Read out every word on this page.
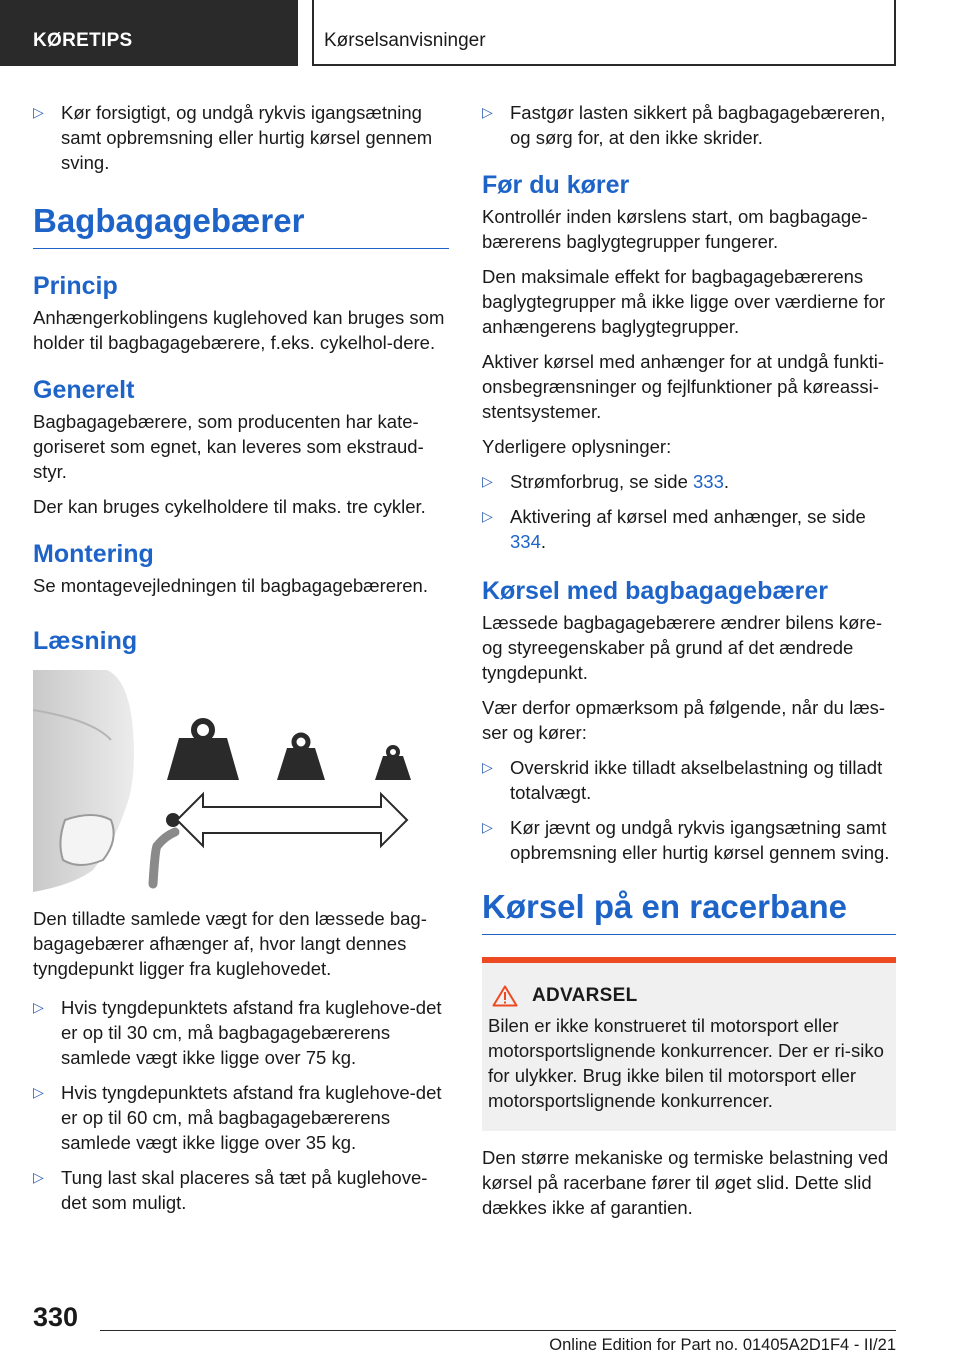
KØRETIPS	Kørselsanvisninger
▷ Kør forsigtigt, og undgå rykvis igangsætning samt opbremsning eller hurtig kørsel gennem sving.
Bagbagagebærer
Princip

Anhængerkoblingens kuglehoved kan bruges som holder til bagbagagebærere, f.eks. cykelhol-dere.

Generelt

Bagbagagebærere, som producenten har kate-goriseret som egnet, kan leveres som ekstraud-styr.

Der kan bruges cykelholdere til maks. tre cykler.

Montering

Se montagevejledningen til bagbagagebæreren.

Læsning

Den tilladte samlede vægt for den læssede bag-bagagebærer afhænger af, hvor langt dennes tyngdepunkt ligger fra kuglehovedet.

▷ Hvis tyngdepunktets afstand fra kuglehove-det er op til 30 cm, må bagbagagebærerens samlede vægt ikke ligge over 75 kg.
▷ Hvis tyngdepunktets afstand fra kuglehove-det er op til 60 cm, må bagbagagebærerens samlede vægt ikke ligge over 35 kg.
▷ Tung last skal placeres så tæt på kuglehove-det som muligt.
▷ Fastgør lasten sikkert på bagbagagebæreren, og sørg for, at den ikke skrider.
Før du kører

Kontrollér inden kørslens start, om bagbagage-bærerens baglygtegrupper fungerer.

Den maksimale effekt for bagbagagebærerens baglygtegrupper må ikke ligge over værdierne for anhængerens baglygtegrupper.

Aktiver kørsel med anhænger for at undgå funkti-onsbegrænsninger og fejlfunktioner på køreassi-stentsystemer.

Yderligere oplysninger:

▷ Strømforbrug, se side 333.
▷ Aktivering af kørsel med anhænger, se side 334.
Kørsel med bagbagagebærer

Læssede bagbagagebærere ændrer bilens køre-og styreegenskaber på grund af det ændrede tyngdepunkt.

Vær derfor opmærksom på følgende, når du læs-ser og kører:

▷ Overskrid ikke tilladt akselbelastning og tilladt totalvægt.
▷ Kør jævnt og undgå rykvis igangsætning samt opbremsning eller hurtig kørsel gennem sving.
Kørsel på en racerbane
ADVARSEL

Bilen er ikke konstrueret til motorsport eller motorsportslignende konkurrencer. Der er ri-siko for ulykker. Brug ikke bilen til motorsport eller motorsportslignende konkurrencer.

Den større mekaniske og termiske belastning ved kørsel på racerbane fører til øget slid. Dette slid dækkes ikke af garantien.

330
Online Edition for Part no. 01405A2D1F4 - II/21
